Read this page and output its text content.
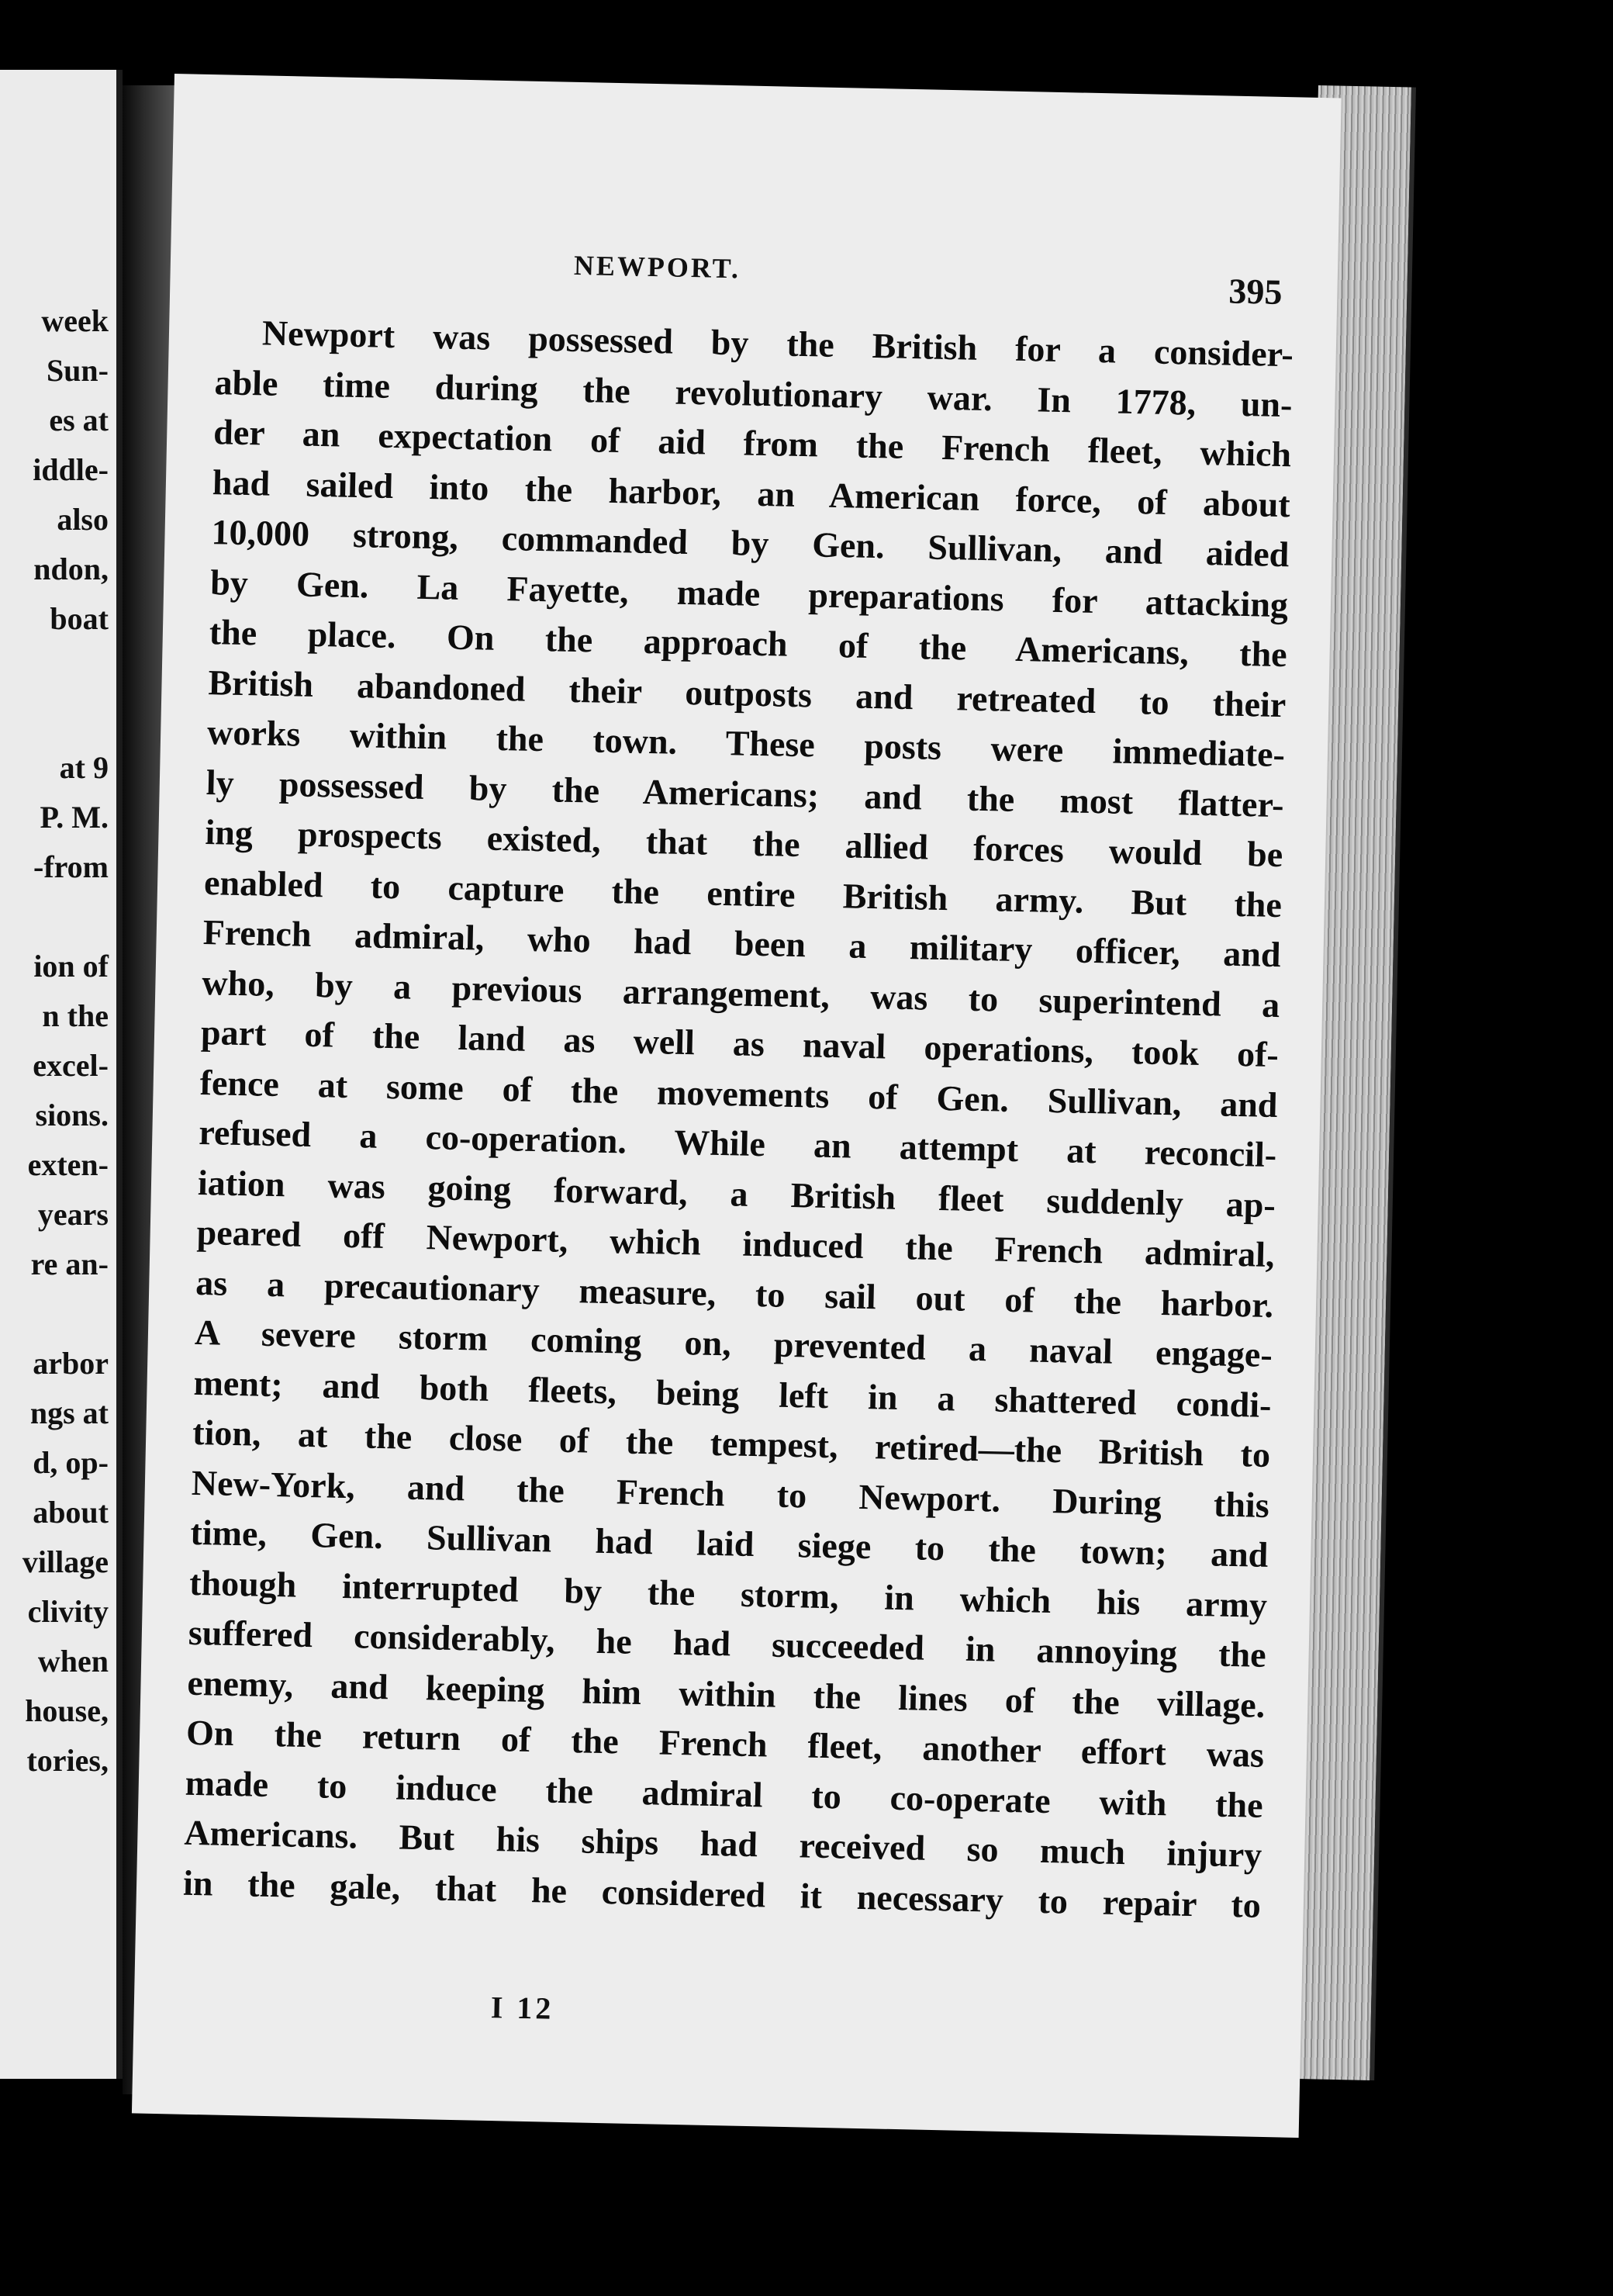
week
Sun-
es at
iddle-
also
ndon,
boat
at 9
P. M.
-from
ion of
n the
excel-
sions.
exten-
years
re an-
arbor
ngs at
d, op-
about
village
clivity
when
house,
tories,
NEWPORT.
395
Newport was possessed by the British for a consider-
able time during the revolutionary war. In 1778, un-
der an expectation of aid from the French fleet, which
had sailed into the harbor, an American force, of about
10,000 strong, commanded by Gen. Sullivan, and aided
by Gen. La Fayette, made preparations for attacking
the place. On the approach of the Americans, the
British abandoned their outposts and retreated to their
works within the town. These posts were immediate-
ly possessed by the Americans; and the most flatter-
ing prospects existed, that the allied forces would be
enabled to capture the entire British army. But the
French admiral, who had been a military officer, and
who, by a previous arrangement, was to superintend a
part of the land as well as naval operations, took of-
fence at some of the movements of Gen. Sullivan, and
refused a co-operation. While an attempt at reconcil-
iation was going forward, a British fleet suddenly ap-
peared off Newport, which induced the French admiral,
as a precautionary measure, to sail out of the harbor.
A severe storm coming on, prevented a naval engage-
ment; and both fleets, being left in a shattered condi-
tion, at the close of the tempest, retired—the British to
New-York, and the French to Newport. During this
time, Gen. Sullivan had laid siege to the town; and
though interrupted by the storm, in which his army
suffered considerably, he had succeeded in annoying the
enemy, and keeping him within the lines of the village.
On the return of the French fleet, another effort was
made to induce the admiral to co-operate with the
Americans. But his ships had received so much injury
in the gale, that he considered it necessary to repair to
I 12
